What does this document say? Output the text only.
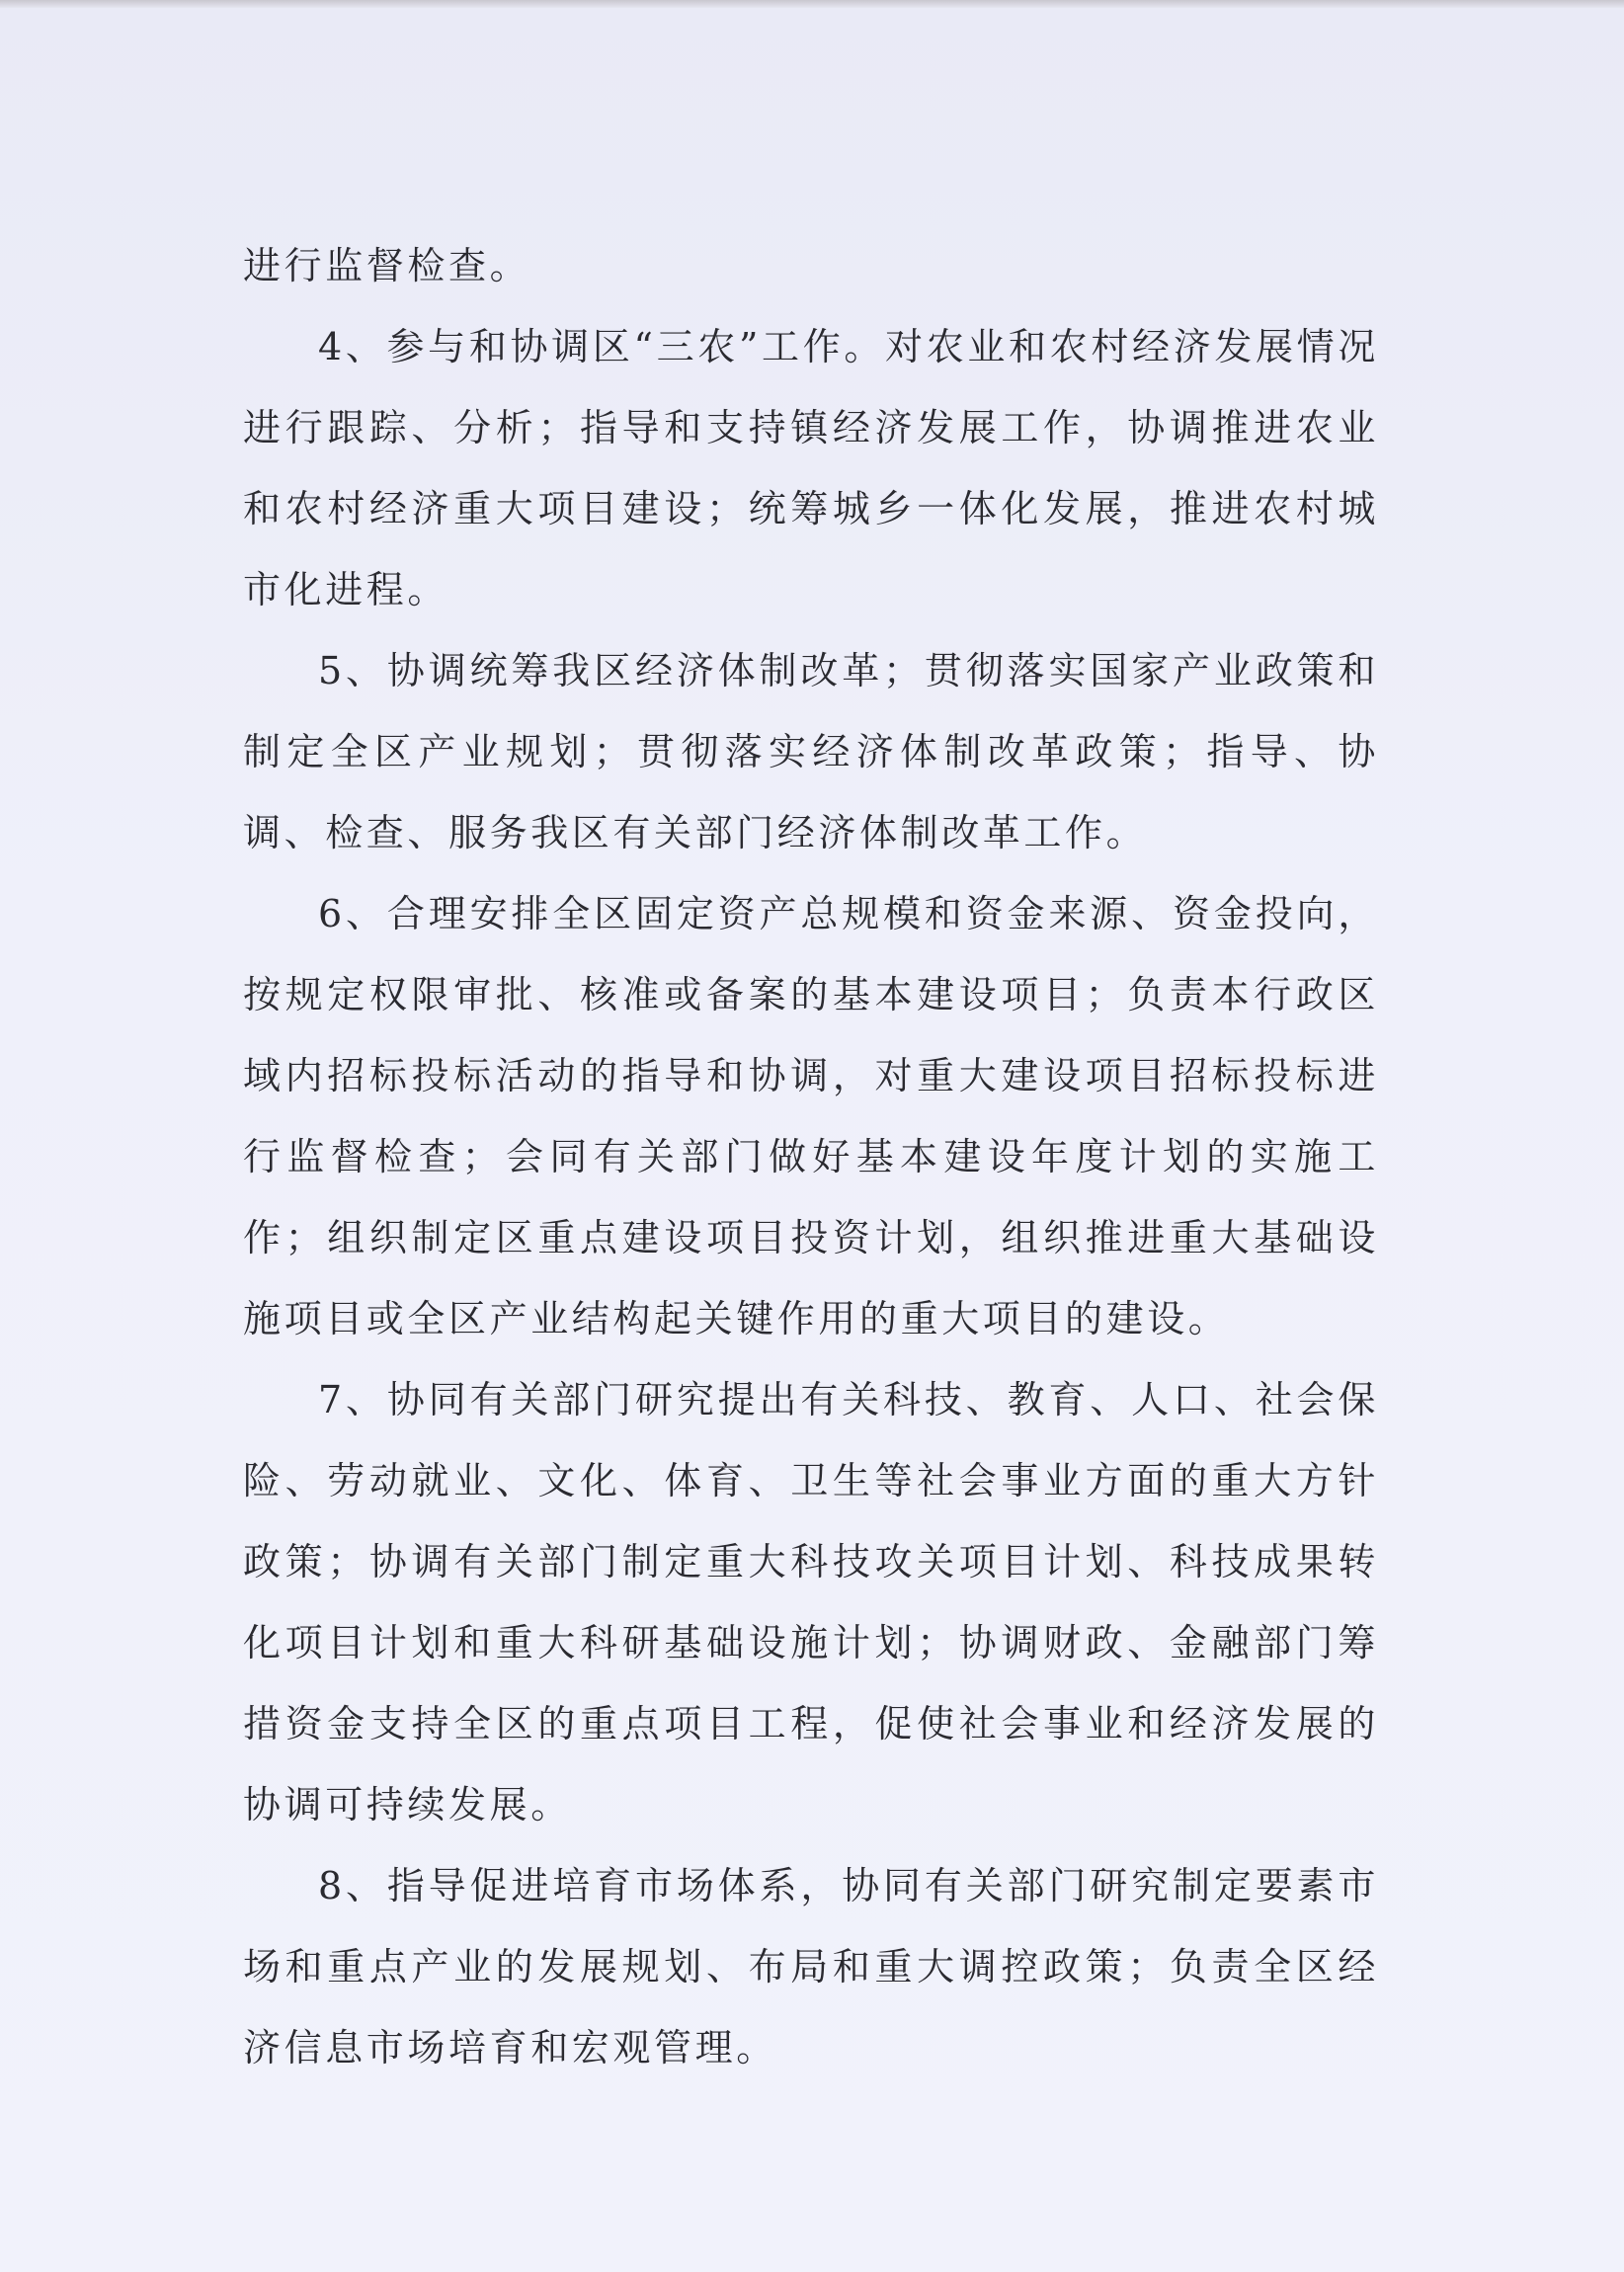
进行监督检查。

4、参与和协调区“三农”工作。对农业和农村经济发展情况进行跟踪、分析；指导和支持镇经济发展工作，协调推进农业和农村经济重大项目建设；统筹城乡一体化发展，推进农村城市化进程。

5、协调统筹我区经济体制改革；贯彻落实国家产业政策和制定全区产业规划；贯彻落实经济体制改革政策；指导、协调、检查、服务我区有关部门经济体制改革工作。

6、合理安排全区固定资产总规模和资金来源、资金投向，按规定权限审批、核准或备案的基本建设项目；负责本行政区域内招标投标活动的指导和协调，对重大建设项目招标投标进行监督检查；会同有关部门做好基本建设年度计划的实施工作；组织制定区重点建设项目投资计划，组织推进重大基础设施项目或全区产业结构起关键作用的重大项目的建设。

7、协同有关部门研究提出有关科技、教育、人口、社会保险、劳动就业、文化、体育、卫生等社会事业方面的重大方针政策；协调有关部门制定重大科技攻关项目计划、科技成果转化项目计划和重大科研基础设施计划；协调财政、金融部门筹措资金支持全区的重点项目工程，促使社会事业和经济发展的协调可持续发展。

8、指导促进培育市场体系，协同有关部门研究制定要素市场和重点产业的发展规划、布局和重大调控政策；负责全区经济信息市场培育和宏观管理。
